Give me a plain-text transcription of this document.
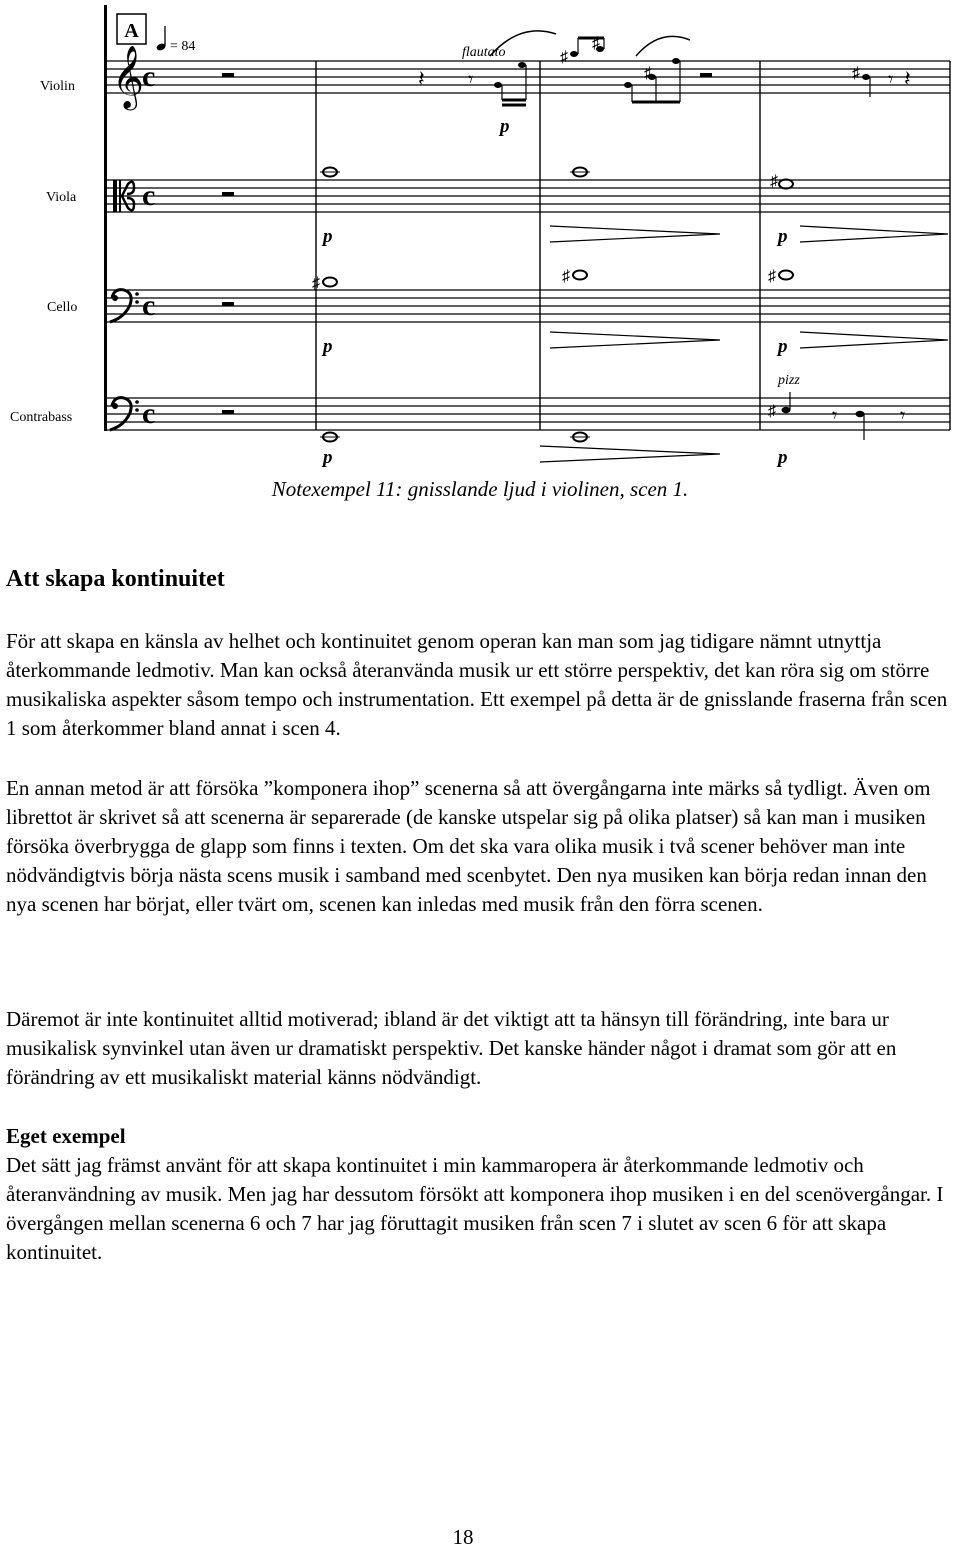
A
= 84	flautato
Violin
Viola
Cello
Contrabass
𝄞
c
c
c
c
𝄽 𝄾
♯
♯
♯	♯ 𝄾 𝄽
♯	♯	♯
♯
♯	𝄾	𝄾
pizz
p
p	p
p	p
p	p
Notexempel 11: gnisslande ljud i violinen, scen 1.
Att skapa kontinuitet

För att skapa en känsla av helhet och kontinuitet genom operan kan man som jag tidigare nämnt utnyttja återkommande ledmotiv. Man kan också återanvända musik ur ett större perspektiv, det kan röra sig om större musikaliska aspekter såsom tempo och instrumentation. Ett exempel på detta är de gnisslande fraserna från scen 1 som återkommer bland annat i scen 4.

En annan metod är att försöka ”komponera ihop” scenerna så att övergångarna inte märks så tydligt. Även om librettot är skrivet så att scenerna är separerade (de kanske utspelar sig på olika platser) så kan man i musiken försöka överbrygga de glapp som finns i texten. Om det ska vara olika musik i två scener behöver man inte nödvändigtvis börja nästa scens musik i samband med scenbytet. Den nya musiken kan börja redan innan den nya scenen har börjat, eller tvärt om, scenen kan inledas med musik från den förra scenen.

Däremot är inte kontinuitet alltid motiverad; ibland är det viktigt att ta hänsyn till förändring, inte bara ur musikalisk synvinkel utan även ur dramatiskt perspektiv. Det kanske händer något i dramat som gör att en förändring av ett musikaliskt material känns nödvändigt.

Eget exempel

Det sätt jag främst använt för att skapa kontinuitet i min kammaropera är återkommande ledmotiv och återanvändning av musik. Men jag har dessutom försökt att komponera ihop musiken i en del scenövergångar. I övergången mellan scenerna 6 och 7 har jag föruttagit musiken från scen 7 i slutet av scen 6 för att skapa kontinuitet.

18
